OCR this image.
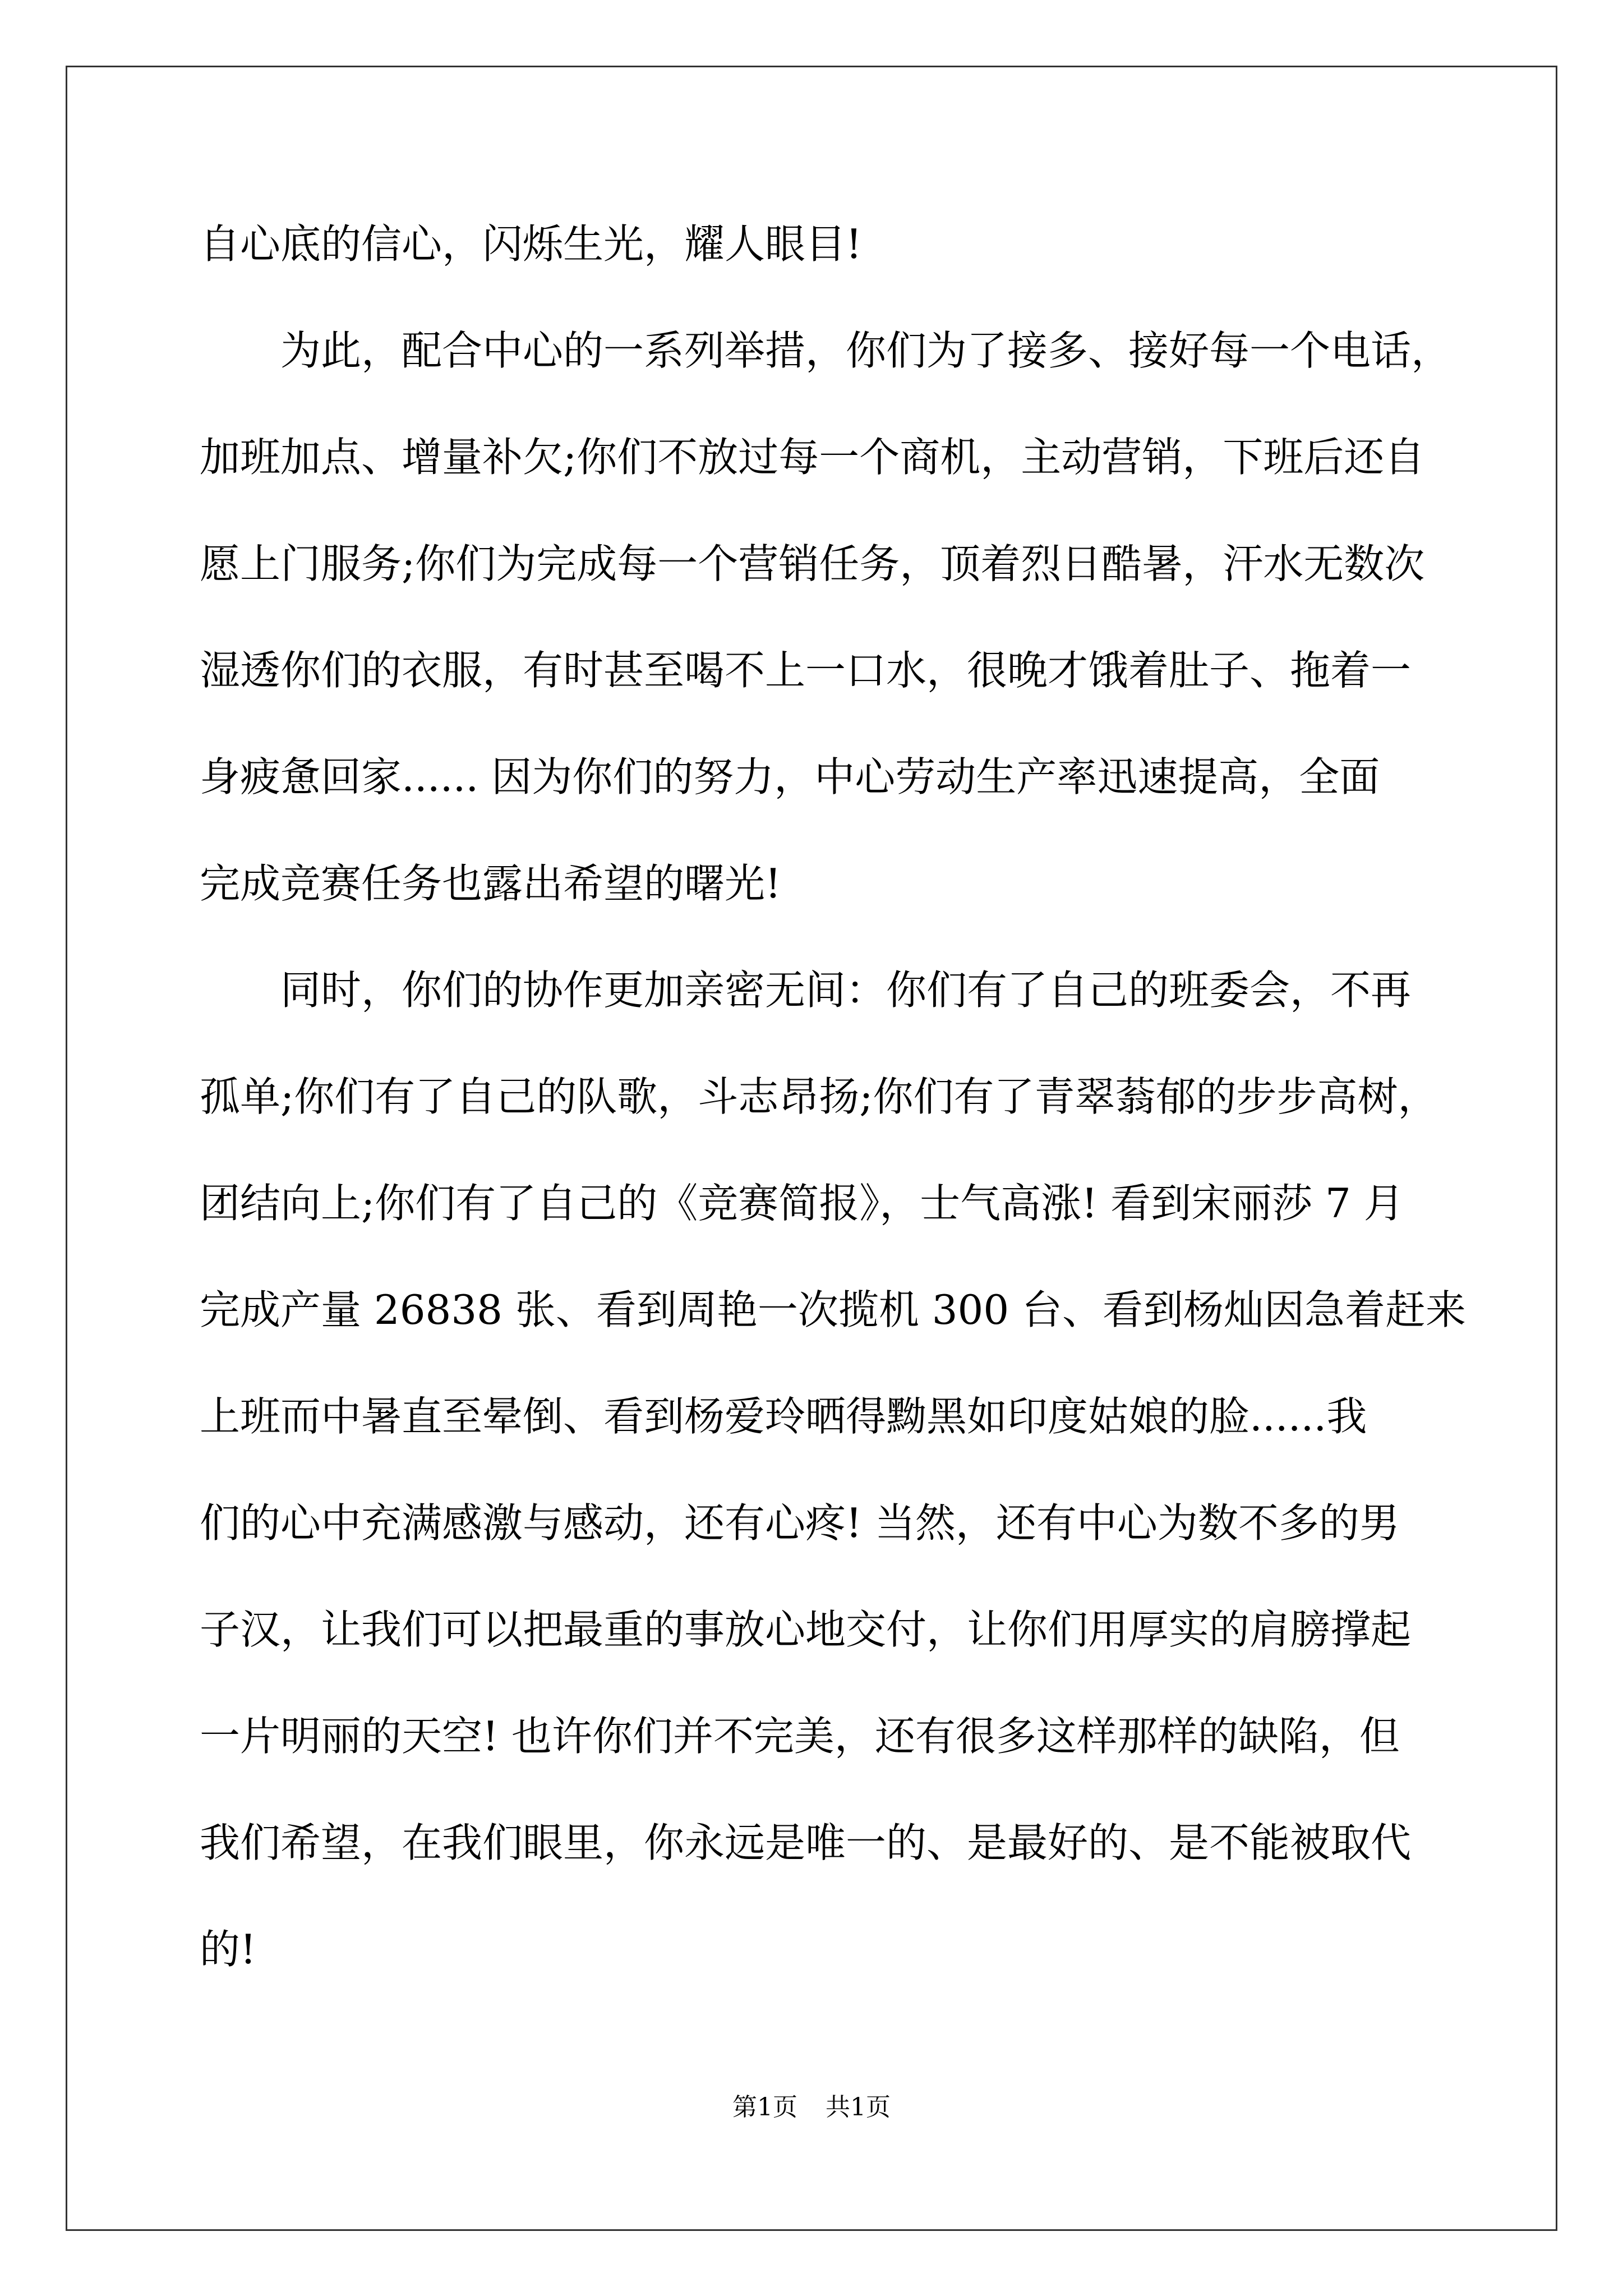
自心底的信心，闪烁生光，耀人眼目!
为此，配合中心的一系列举措，你们为了接多、接好每一个电话，
加班加点、增量补欠;你们不放过每一个商机，主动营销，下班后还自
愿上门服务;你们为完成每一个营销任务，顶着烈日酷暑，汗水无数次
湿透你们的衣服，有时甚至喝不上一口水，很晚才饿着肚子、拖着一
身疲惫回家...... 因为你们的努力，中心劳动生产率迅速提高，全面
完成竞赛任务也露出希望的曙光!
同时，你们的协作更加亲密无间：你们有了自己的班委会，不再
孤单;你们有了自己的队歌，斗志昂扬;你们有了青翠蓊郁的步步高树，
团结向上;你们有了自己的《竞赛简报》，士气高涨! 看到宋丽莎 7 月
完成产量 26838 张、看到周艳一次揽机 300 台、看到杨灿因急着赶来
上班而中暑直至晕倒、看到杨爱玲晒得黝黑如印度姑娘的脸......我
们的心中充满感激与感动，还有心疼! 当然，还有中心为数不多的男
子汉，让我们可以把最重的事放心地交付，让你们用厚实的肩膀撑起
一片明丽的天空! 也许你们并不完美，还有很多这样那样的缺陷，但
我们希望，在我们眼里，你永远是唯一的、是最好的、是不能被取代
的!
第1页 共1页
